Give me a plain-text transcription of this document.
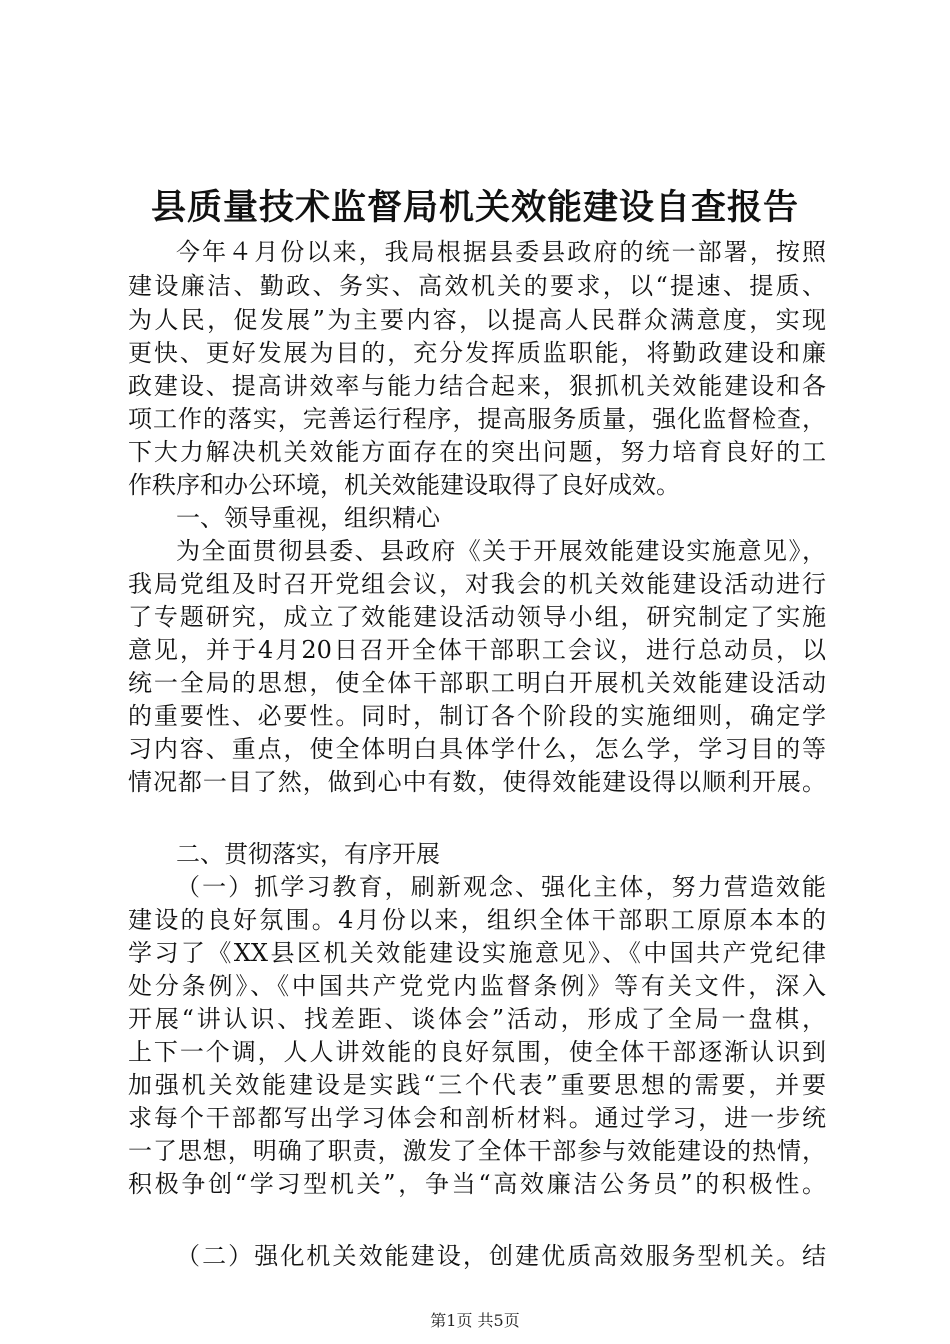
县质量技术监督局机关效能建设自查报告
今年４月份以来，我局根据县委县政府的统一部署，按照
建设廉洁、勤政、务实、高效机关的要求，以“提速、提质、
为人民，促发展”为主要内容，以提高人民群众满意度，实现
更快、更好发展为目的，充分发挥质监职能，将勤政建设和廉
政建设、提高讲效率与能力结合起来，狠抓机关效能建设和各
项工作的落实，完善运行程序，提高服务质量，强化监督检查，
下大力解决机关效能方面存在的突出问题，努力培育良好的工
作秩序和办公环境，机关效能建设取得了良好成效。
一、领导重视，组织精心
为全面贯彻县委、县政府《关于开展效能建设实施意见》，
我局党组及时召开党组会议，对我会的机关效能建设活动进行
了专题研究，成立了效能建设活动领导小组，研究制定了实施
意见，并于4月20日召开全体干部职工会议，进行总动员，以
统一全局的思想，使全体干部职工明白开展机关效能建设活动
的重要性、必要性。同时，制订各个阶段的实施细则，确定学
习内容、重点，使全体明白具体学什么，怎么学，学习目的等
情况都一目了然，做到心中有数，使得效能建设得以顺利开展。
二、贯彻落实，有序开展
（一）抓学习教育，刷新观念、强化主体，努力营造效能
建设的良好氛围。4月份以来，组织全体干部职工原原本本的
学习了《XX县区机关效能建设实施意见》、《中国共产党纪律
处分条例》、《中国共产党党内监督条例》等有关文件，深入
开展“讲认识、找差距、谈体会”活动，形成了全局一盘棋，
上下一个调，人人讲效能的良好氛围，使全体干部逐渐认识到
加强机关效能建设是实践“三个代表”重要思想的需要，并要
求每个干部都写出学习体会和剖析材料。通过学习，进一步统
一了思想，明确了职责，激发了全体干部参与效能建设的热情，
积极争创“学习型机关”，争当“高效廉洁公务员”的积极性。
（二）强化机关效能建设，创建优质高效服务型机关。结
第1页 共5页
